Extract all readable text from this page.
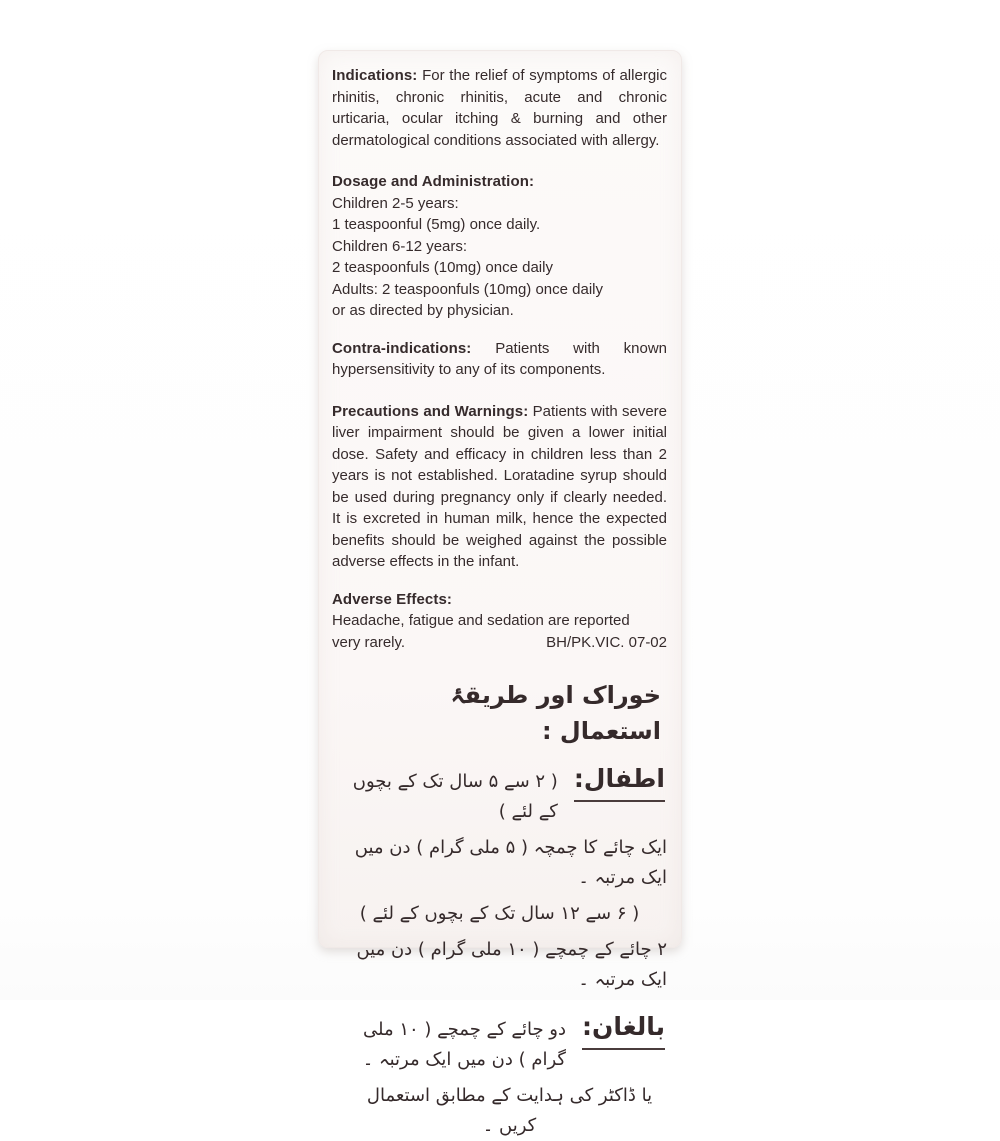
Indications: For the relief of symptoms of allergic rhinitis, chronic rhinitis, acute and chronic urticaria, ocular itching & burning and other dermatological conditions associated with allergy.

Dosage and Administration:
Children 2-5 years:
1 teaspoonful (5mg) once daily.
Children 6-12 years:
2 teaspoonfuls (10mg) once daily
Adults: 2 teaspoonfuls (10mg) once daily
or as directed by physician.

Contra-indications: Patients with known hypersensitivity to any of its components.

Precautions and Warnings: Patients with severe liver impairment should be given a lower initial dose. Safety and efficacy in children less than 2 years is not established. Loratadine syrup should be used during pregnancy only if clearly needed. It is excreted in human milk, hence the expected benefits should be weighed against the possible adverse effects in the infant.

Adverse Effects:
Headache, fatigue and sedation are reported
BH/PK.VIC. 07-02
very rarely.
خوراک اور طریقۂ استعمال :
اطفال:
( ۲ سے ۵ سال تک کے بچوں کے لئے )
ایک چائے کا چمچہ ( ۵ ملی گرام ) دن میں ایک مرتبہ ۔
( ۶ سے ۱۲ سال تک کے بچوں کے لئے )
۲ چائے کے چمچے ( ۱۰ ملی گرام ) دن میں ایک مرتبہ ۔
بالغان:
دو چائے کے چمچے ( ۱۰ ملی گرام ) دن میں ایک مرتبہ ۔
یا ڈاکٹر کی ہدایت کے مطابق استعمال کریں ۔
